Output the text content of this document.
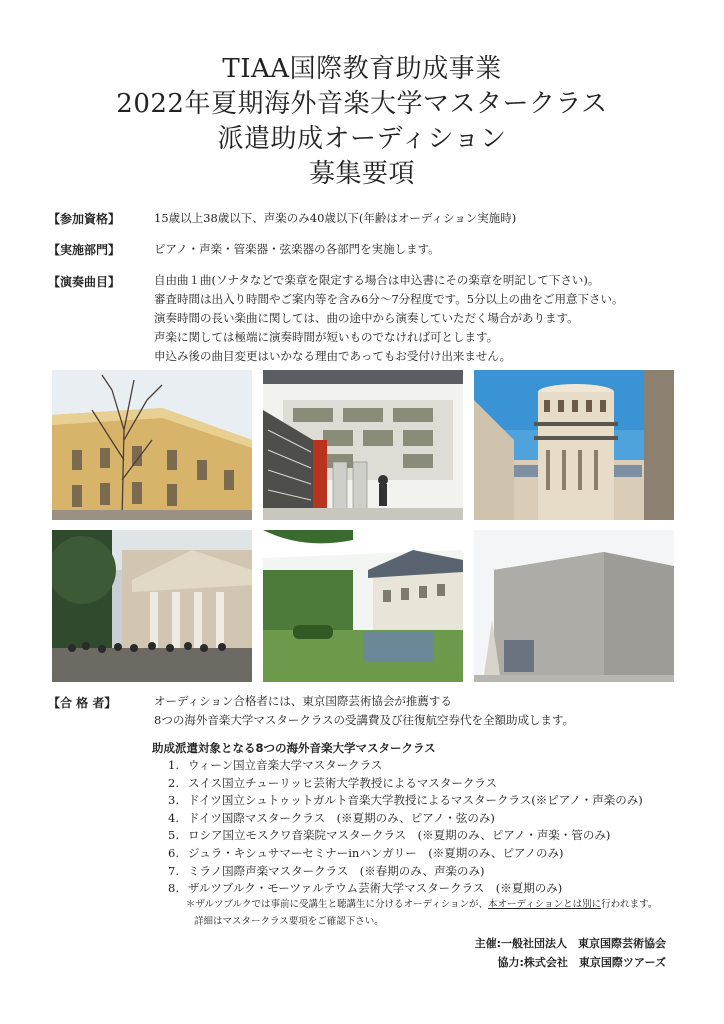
TIAA国際教育助成事業
2022年夏期海外音楽大学マスタークラス
派遣助成オーディション
募集要項
【参加資格】	15歳以上38歳以下、声楽のみ40歳以下(年齢はオーディション実施時)
【実施部門】	ピアノ・声楽・管楽器・弦楽器の各部門を実施します。
【演奏曲目】	自由曲１曲(ソナタなどで楽章を限定する場合は申込書にその楽章を明記して下さい)。
審査時間は出入り時間やご案内等を含み6分〜7分程度です。5分以上の曲をご用意下さい。
演奏時間の長い楽曲に関しては、曲の途中から演奏していただく場合があります。
声楽に関しては極端に演奏時間が短いものでなければ可とします。
申込み後の曲目変更はいかなる理由であってもお受付け出来ません。
【合 格 者】	オーディション合格者には、東京国際芸術協会が推薦する
8つの海外音楽大学マスタークラスの受講費及び往復航空券代を全額助成します。
助成派遣対象となる8つの海外音楽大学マスタークラス
1. ウィーン国立音楽大学マスタークラス
2. スイス国立チューリッヒ芸術大学教授によるマスタークラス
3. ドイツ国立シュトゥットガルト音楽大学教授によるマスタークラス(※ピアノ・声楽のみ)
4. ドイツ国際マスタークラス　(※夏期のみ、ピアノ・弦のみ)
5. ロシア国立モスクワ音楽院マスタークラス　(※夏期のみ、ピアノ・声楽・管のみ)
6. ジュラ・キシュサマーセミナーinハンガリー　(※夏期のみ、ピアノのみ)
7. ミラノ国際声楽マスタークラス　(※春期のみ、声楽のみ)
8. ザルツブルク・モーツァルテウム芸術大学マスタークラス　(※夏期のみ)
＊ザルツブルクでは事前に受講生と聴講生に分けるオーディションが、本オーディションとは別に行われます。
詳細はマスタークラス要項をご確認下さい。
主催:一般社団法人　東京国際芸術協会
協力:株式会社　東京国際ツアーズ
